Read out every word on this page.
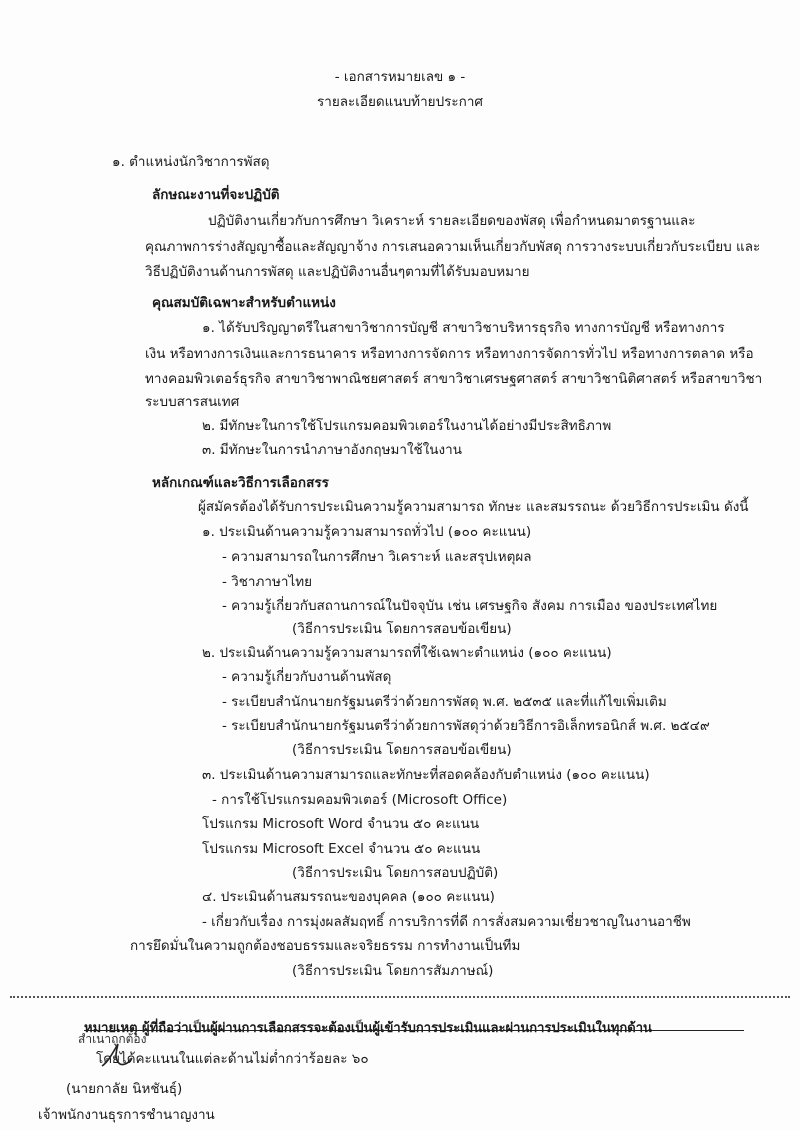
- เอกสารหมายเลข ๑ -
รายละเอียดแนบท้ายประกาศ
๑. ตำแหน่งนักวิชาการพัสดุ
ลักษณะงานที่จะปฏิบัติ
ปฏิบัติงานเกี่ยวกับการศึกษา วิเคราะห์ รายละเอียดของพัสดุ เพื่อกำหนดมาตรฐานและ
คุณภาพการร่างสัญญาซื้อและสัญญาจ้าง การเสนอความเห็นเกี่ยวกับพัสดุ การวางระบบเกี่ยวกับระเบียบ และ
วิธีปฏิบัติงานด้านการพัสดุ และปฏิบัติงานอื่นๆตามที่ได้รับมอบหมาย
คุณสมบัติเฉพาะสำหรับตำแหน่ง
๑. ได้รับปริญญาตรีในสาขาวิชาการบัญชี สาขาวิชาบริหารธุรกิจ ทางการบัญชี หรือทางการ
เงิน หรือทางการเงินและการธนาคาร หรือทางการจัดการ หรือทางการจัดการทั่วไป หรือทางการตลาด หรือ
ทางคอมพิวเตอร์ธุรกิจ สาขาวิชาพาณิชยศาสตร์ สาขาวิชาเศรษฐศาสตร์ สาขาวิชานิติศาสตร์ หรือสาขาวิชา
ระบบสารสนเทศ
๒. มีทักษะในการใช้โปรแกรมคอมพิวเตอร์ในงานได้อย่างมีประสิทธิภาพ
๓. มีทักษะในการนำภาษาอังกฤษมาใช้ในงาน
หลักเกณฑ์และวิธีการเลือกสรร
ผู้สมัครต้องได้รับการประเมินความรู้ความสามารถ ทักษะ และสมรรถนะ ด้วยวิธีการประเมิน ดังนี้
๑. ประเมินด้านความรู้ความสามารถทั่วไป (๑๐๐ คะแนน)
- ความสามารถในการศึกษา วิเคราะห์ และสรุปเหตุผล
- วิชาภาษาไทย
- ความรู้เกี่ยวกับสถานการณ์ในปัจจุบัน เช่น เศรษฐกิจ สังคม การเมือง ของประเทศไทย
(วิธีการประเมิน โดยการสอบข้อเขียน)
๒. ประเมินด้านความรู้ความสามารถที่ใช้เฉพาะตำแหน่ง (๑๐๐ คะแนน)
- ความรู้เกี่ยวกับงานด้านพัสดุ
- ระเบียบสำนักนายกรัฐมนตรีว่าด้วยการพัสดุ พ.ศ. ๒๕๓๕ และที่แก้ไขเพิ่มเติม
- ระเบียบสำนักนายกรัฐมนตรีว่าด้วยการพัสดุว่าด้วยวิธีการอิเล็กทรอนิกส์ พ.ศ. ๒๕๔๙
(วิธีการประเมิน โดยการสอบข้อเขียน)
๓. ประเมินด้านความสามารถและทักษะที่สอดคล้องกับตำแหน่ง (๑๐๐ คะแนน)
- การใช้โปรแกรมคอมพิวเตอร์ (Microsoft Office)
โปรแกรม Microsoft Word จำนวน ๕๐ คะแนน
โปรแกรม Microsoft Excel จำนวน ๕๐ คะแนน
(วิธีการประเมิน โดยการสอบปฏิบัติ)
๔. ประเมินด้านสมรรถนะของบุคคล (๑๐๐ คะแนน)
- เกี่ยวกับเรื่อง การมุ่งผลสัมฤทธิ์ การบริการที่ดี การสั่งสมความเชี่ยวชาญในงานอาชีพ
การยึดมั่นในความถูกต้องชอบธรรมและจริยธรรม การทำงานเป็นทีม
(วิธีการประเมิน โดยการสัมภาษณ์)
หมายเหตุ ผู้ที่ถือว่าเป็นผู้ผ่านการเลือกสรรจะต้องเป็นผู้เข้ารับการประเมินและผ่านการประเมินในทุกด้าน
สำเนาถูกต้อง
โดยได้คะแนนในแต่ละด้านไม่ต่ำกว่าร้อยละ ๖๐
(นายกาลัย นิหชันธุ์)
เจ้าพนักงานธุรการชำนาญงาน
